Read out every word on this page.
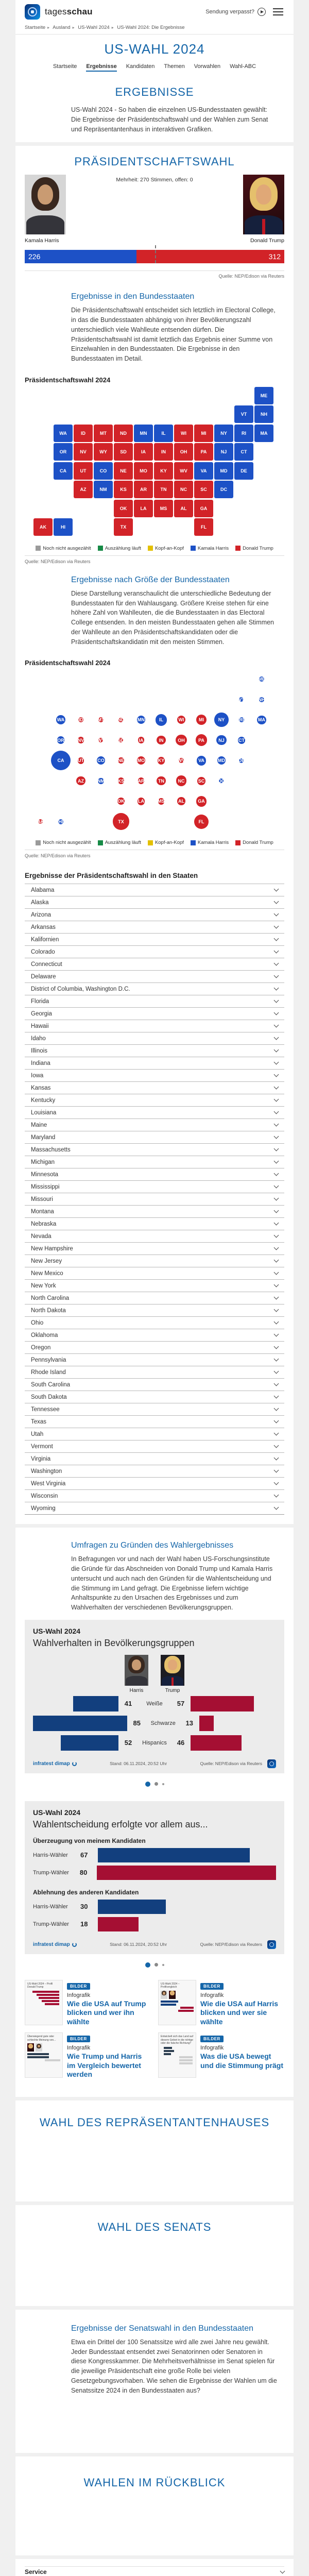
tagesschau	Sendung verpasst?
Startseite ▸ Ausland ▸ US-Wahl 2024 ▸ US-Wahl 2024: Die Ergebnisse
US-WAHL 2024
Startseite Ergebnisse Kandidaten Themen Vorwahlen Wahl-ABC
ERGEBNISSE

US-Wahl 2024 - So haben die einzelnen US-Bundesstaaten gewählt: Die Ergebnisse der Präsidentschaftswahl und der Wahlen zum Senat und Repräsentantenhaus in interaktiven Grafiken.

PRÄSIDENTSCHAFTSWAHL
Mehrheit: 270 Stimmen, offen: 0
Kamala Harris	Donald Trump
226	312
Quelle: NEP/Edison via Reuters
Ergebnisse in den Bundesstaaten

Die Präsidentschaftswahl entscheidet sich letztlich im Electoral College, in das die Bundesstaaten abhängig von ihrer Bevölkerungszahl unterschiedlich viele Wahlleute entsenden dürfen. Die Präsidentschaftswahl ist damit letztlich das Ergebnis einer Summe von Einzelwahlen in den Bundesstaaten. Die Ergebnisse in den Bundesstaaten im Detail.

Präsidentschaftswahl 2024
AL
AK
AZ	AR
CA	CO
CT
DE
DC
FL
GA
HI
ID	IL
IN
IA
KS
KY
LA
ME
MD
MA
MI
MN
MS
MO
MT
NE
NV
NH
NJ
NM
NY
NC
ND
OH
OK
OR	PA
RI
SC
SD
TN
TX
UT
VT
VA
WA
WV
WI
WY
Noch nicht ausgezählt	Auszählung läuft	Kopf-an-Kopf	Kamala Harris	Donald Trump
Quelle: NEP/Edison via Reuters
Ergebnisse nach Größe der Bundesstaaten

Diese Darstellung veranschaulicht die unterschiedliche Bedeutung der Bundesstaaten für den Wahlausgang. Größere Kreise stehen für eine höhere Zahl von Wahlleuten, die die Bundesstaaten in das Electoral College entsenden. In den meisten Bundesstaaten gehen alle Stimmen der Wahlleute an den Präsidentschaftskandidaten oder die Präsidentschaftskandidatin mit den meisten Stimmen.

Präsidentschaftswahl 2024
AL
AK
AZ	AR
CA	CO
CT
DE
DC
FL
GA
HI
ID	IL
IN
IA
KS
KY
LA
ME
MD
MA
MI
MN
MS
MO
MT
NE
NV
NH
NJ
NM
NY
NC
ND
OH
OK
OR	PA
RI
SC
SD
TN
TX
UT
VT
VA
WA
WV
WI
WY
Noch nicht ausgezählt	Auszählung läuft	Kopf-an-Kopf	Kamala Harris	Donald Trump
Quelle: NEP/Edison via Reuters
Ergebnisse der Präsidentschaftswahl in den Staaten
Alabama
Alaska
Arizona
Arkansas
Kalifornien
Colorado
Connecticut
Delaware
District of Columbia, Washington D.C.
Florida
Georgia
Hawaii
Idaho
Illinois
Indiana
Iowa
Kansas
Kentucky
Louisiana
Maine
Maryland
Massachusetts
Michigan
Minnesota
Mississippi
Missouri
Montana
Nebraska
Nevada
New Hampshire
New Jersey
New Mexico
New York
North Carolina
North Dakota
Ohio
Oklahoma
Oregon
Pennsylvania
Rhode Island
South Carolina
South Dakota
Tennessee
Texas
Utah
Vermont
Virginia
Washington
West Virginia
Wisconsin
Wyoming
Umfragen zu Gründen des Wahlergebnisses

In Befragungen vor und nach der Wahl haben US-Forschungsinstitute die Gründe für das Abschneiden von Donald Trump und Kamala Harris untersucht und auch nach den Gründen für die Wahlentscheidung und die Stimmung im Land gefragt. Die Ergebnisse liefern wichtige Anhaltspunkte zu den Ursachen des Ergebnisses und zum Wahlverhalten der verschiedenen Bevölkerungsgruppen.

US-Wahl 2024
Wahlverhalten in Bevölkerungsgruppen
Harris	Trump
41	Weiße	57
85	Schwarze	13
52	Hispanics	46
infratest dimap	Stand: 06.11.2024, 20:52 Uhr	Quelle: NEP/Edison via Reuters
US-Wahl 2024
Wahlentscheidung erfolgte vor allem aus...
Überzeugung von meinem Kandidaten
Harris-Wähler	67
Trump-Wähler	80
Ablehnung des anderen Kandidaten
Harris-Wähler	30
Trump-Wähler	18
infratest dimap	Stand: 06.11.2024, 20:52 Uhr	Quelle: NEP/Edison via Reuters
US-Wahl 2024 – Profil Donald Trump	BILDER
Infografik
Wie die USA auf Trump blicken und wer ihn wählte
US-Wahl 2024 – Profilvergleich	BILDER
Infografik
Wie die USA auf Harris blicken und wer sie wählte
Überwiegend gute oder schlechte Meinung von...	BILDER
Infografik
Wie Trump und Harris im Vergleich bewertet werden
Entwickelt sich das Land auf diesem Gebiet in die richtige oder die falsche Richtung?
BILDER
Infografik
Was die USA bewegt und die Stimmung prägt
WAHL DES REPRÄSENTANTENHAUSES
WAHL DES SENATS
Ergebnisse der Senatswahl in den Bundesstaaten

Etwa ein Drittel der 100 Senatssitze wird alle zwei Jahre neu gewählt. Jeder Bundesstaat entsendet zwei Senatorinnen oder Senatoren in diese Kongresskammer. Die Mehrheitsverhältnisse im Senat spielen für die jeweilige Präsidentschaft eine große Rolle bei vielen Gesetzgebungsvorhaben. Wie sehen die Ergebnisse der Wahlen um die Senatssitze 2024 in den Bundesstaaten aus?

WAHLEN IM RÜCKBLICK
Service
